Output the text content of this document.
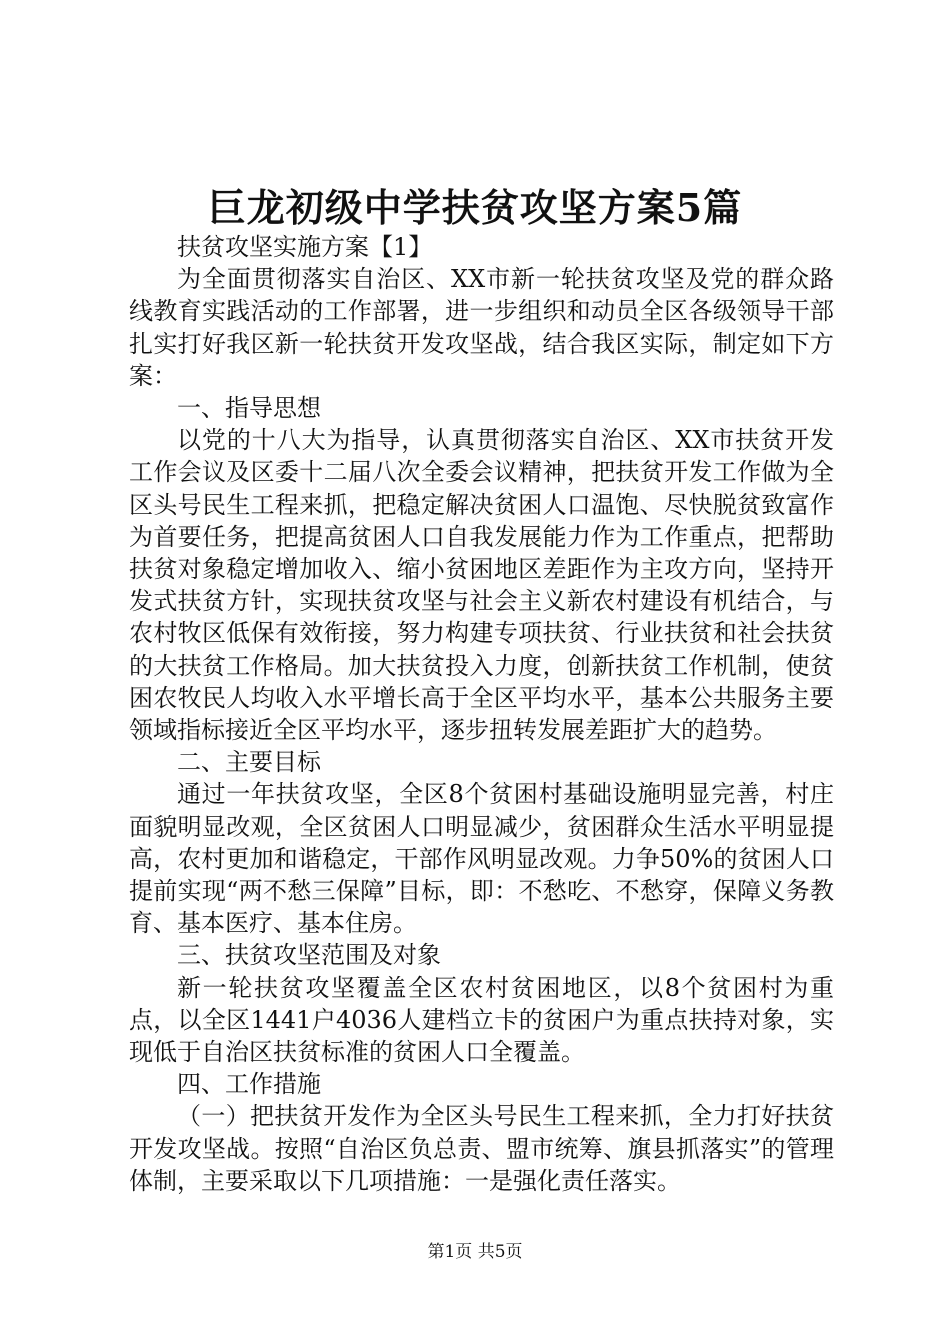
巨龙初级中学扶贫攻坚方案5篇

扶贫攻坚实施方案【1】

为全面贯彻落实自治区、XX市新一轮扶贫攻坚及党的群众路线教育实践活动的工作部署，进一步组织和动员全区各级领导干部扎实打好我区新一轮扶贫开发攻坚战，结合我区实际，制定如下方案：

一、指导思想

以党的十八大为指导，认真贯彻落实自治区、XX市扶贫开发工作会议及区委十二届八次全委会议精神，把扶贫开发工作做为全区头号民生工程来抓，把稳定解决贫困人口温饱、尽快脱贫致富作为首要任务，把提高贫困人口自我发展能力作为工作重点，把帮助扶贫对象稳定增加收入、缩小贫困地区差距作为主攻方向，坚持开发式扶贫方针，实现扶贫攻坚与社会主义新农村建设有机结合，与农村牧区低保有效衔接，努力构建专项扶贫、行业扶贫和社会扶贫的大扶贫工作格局。加大扶贫投入力度，创新扶贫工作机制，使贫困农牧民人均收入水平增长高于全区平均水平，基本公共服务主要领域指标接近全区平均水平，逐步扭转发展差距扩大的趋势。

二、主要目标

通过一年扶贫攻坚，全区8个贫困村基础设施明显完善，村庄面貌明显改观，全区贫困人口明显减少，贫困群众生活水平明显提高，农村更加和谐稳定，干部作风明显改观。力争50%的贫困人口提前实现“两不愁三保障”目标，即：不愁吃、不愁穿，保障义务教育、基本医疗、基本住房。

三、扶贫攻坚范围及对象

新一轮扶贫攻坚覆盖全区农村贫困地区，以8个贫困村为重点，以全区1441户4036人建档立卡的贫困户为重点扶持对象，实现低于自治区扶贫标准的贫困人口全覆盖。

四、工作措施

（一）把扶贫开发作为全区头号民生工程来抓，全力打好扶贫开发攻坚战。按照“自治区负总责、盟市统筹、旗县抓落实”的管理体制，主要采取以下几项措施：一是强化责任落实。

第1页 共5页
